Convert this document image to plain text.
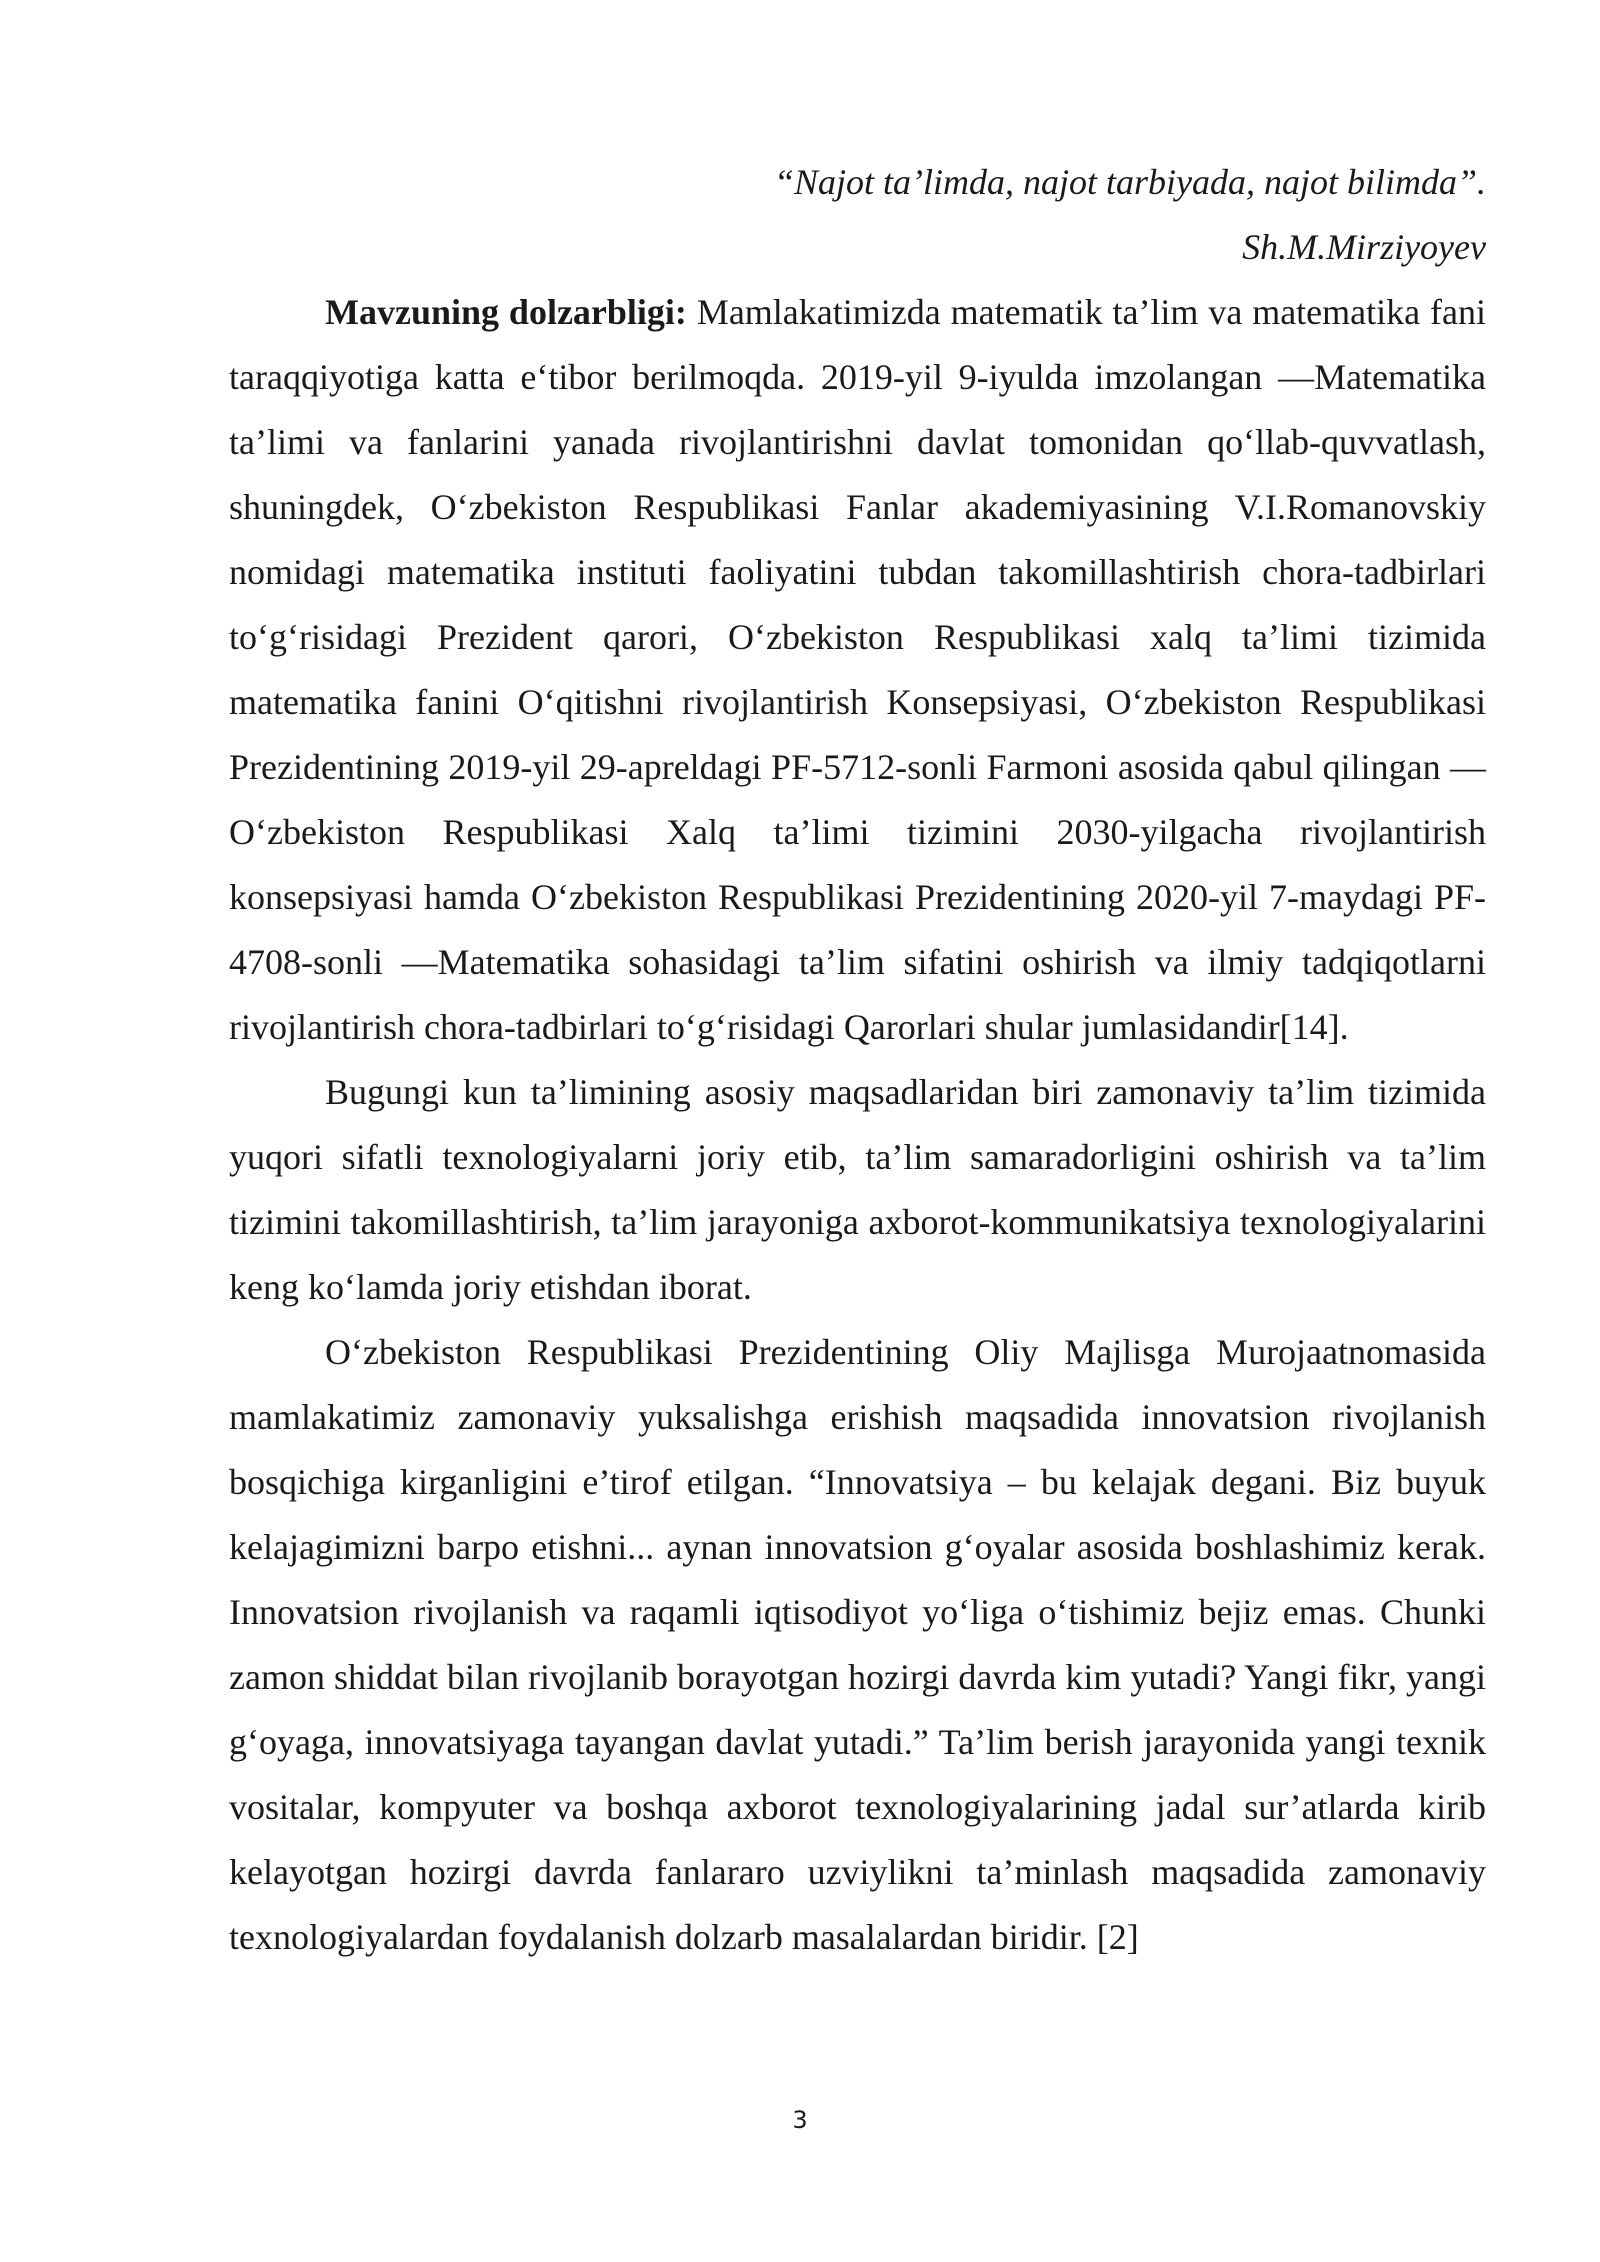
“Najot ta’limda, najot tarbiyada, najot bilimda”.

Sh.M.Mirziyoyev

Mavzuning dolzarbligi: Mamlakatimizda matematik ta’lim va matematika fani taraqqiyotiga katta e‘tibor berilmoqda. 2019-yil 9-iyulda imzolangan —Matematika ta’limi va fanlarini yanada rivojlantirishni davlat tomonidan qo‘llab-quvvatlash, shuningdek, O‘zbekiston Respublikasi Fanlar akademiyasining V.I.Romanovskiy nomidagi matematika instituti faoliyatini tubdan takomillashtirish chora-tadbirlari to‘g‘risidagi Prezident qarori, O‘zbekiston Respublikasi xalq ta’limi tizimida matematika fanini O‘qitishni rivojlantirish Konsepsiyasi, O‘zbekiston Respublikasi Prezidentining 2019-yil 29-apreldagi PF-5712-sonli Farmoni asosida qabul qilingan —O‘zbekiston Respublikasi Xalq ta’limi tizimini 2030-yilgacha rivojlantirish konsepsiyasi hamda O‘zbekiston Respublikasi Prezidentining 2020-yil 7-maydagi PF-4708-sonli —Matematika sohasidagi ta’lim sifatini oshirish va ilmiy tadqiqotlarni rivojlantirish chora-tadbirlari to‘g‘risidagi Qarorlari shular jumlasidandir[14].

Bugungi kun ta’limining asosiy maqsadlaridan biri zamonaviy ta’lim tizimida yuqori sifatli texnologiyalarni joriy etib, ta’lim samaradorligini oshirish va ta’lim tizimini takomillashtirish, ta’lim jarayoniga axborot-kommunikatsiya texnologiyalarini keng ko‘lamda joriy etishdan iborat.

O‘zbekiston Respublikasi Prezidentining Oliy Majlisga Murojaatnomasida mamlakatimiz zamonaviy yuksalishga erishish maqsadida innovatsion rivojlanish bosqichiga kirganligini e’tirof etilgan. “Innovatsiya – bu kelajak degani. Biz buyuk kelajagimizni barpo etishni... aynan innovatsion g‘oyalar asosida boshlashimiz kerak. Innovatsion rivojlanish va raqamli iqtisodiyot yo‘liga o‘tishimiz bejiz emas. Chunki zamon shiddat bilan rivojlanib borayotgan hozirgi davrda kim yutadi? Yangi fikr, yangi g‘oyaga, innovatsiyaga tayangan davlat yutadi.” Ta’lim berish jarayonida yangi texnik vositalar, kompyuter va boshqa axborot texnologiyalarining jadal sur’atlarda kirib kelayotgan hozirgi davrda fanlararo uzviylikni ta’minlash maqsadida zamonaviy texnologiyalardan foydalanish dolzarb masalalardan biridir. [2]

3
